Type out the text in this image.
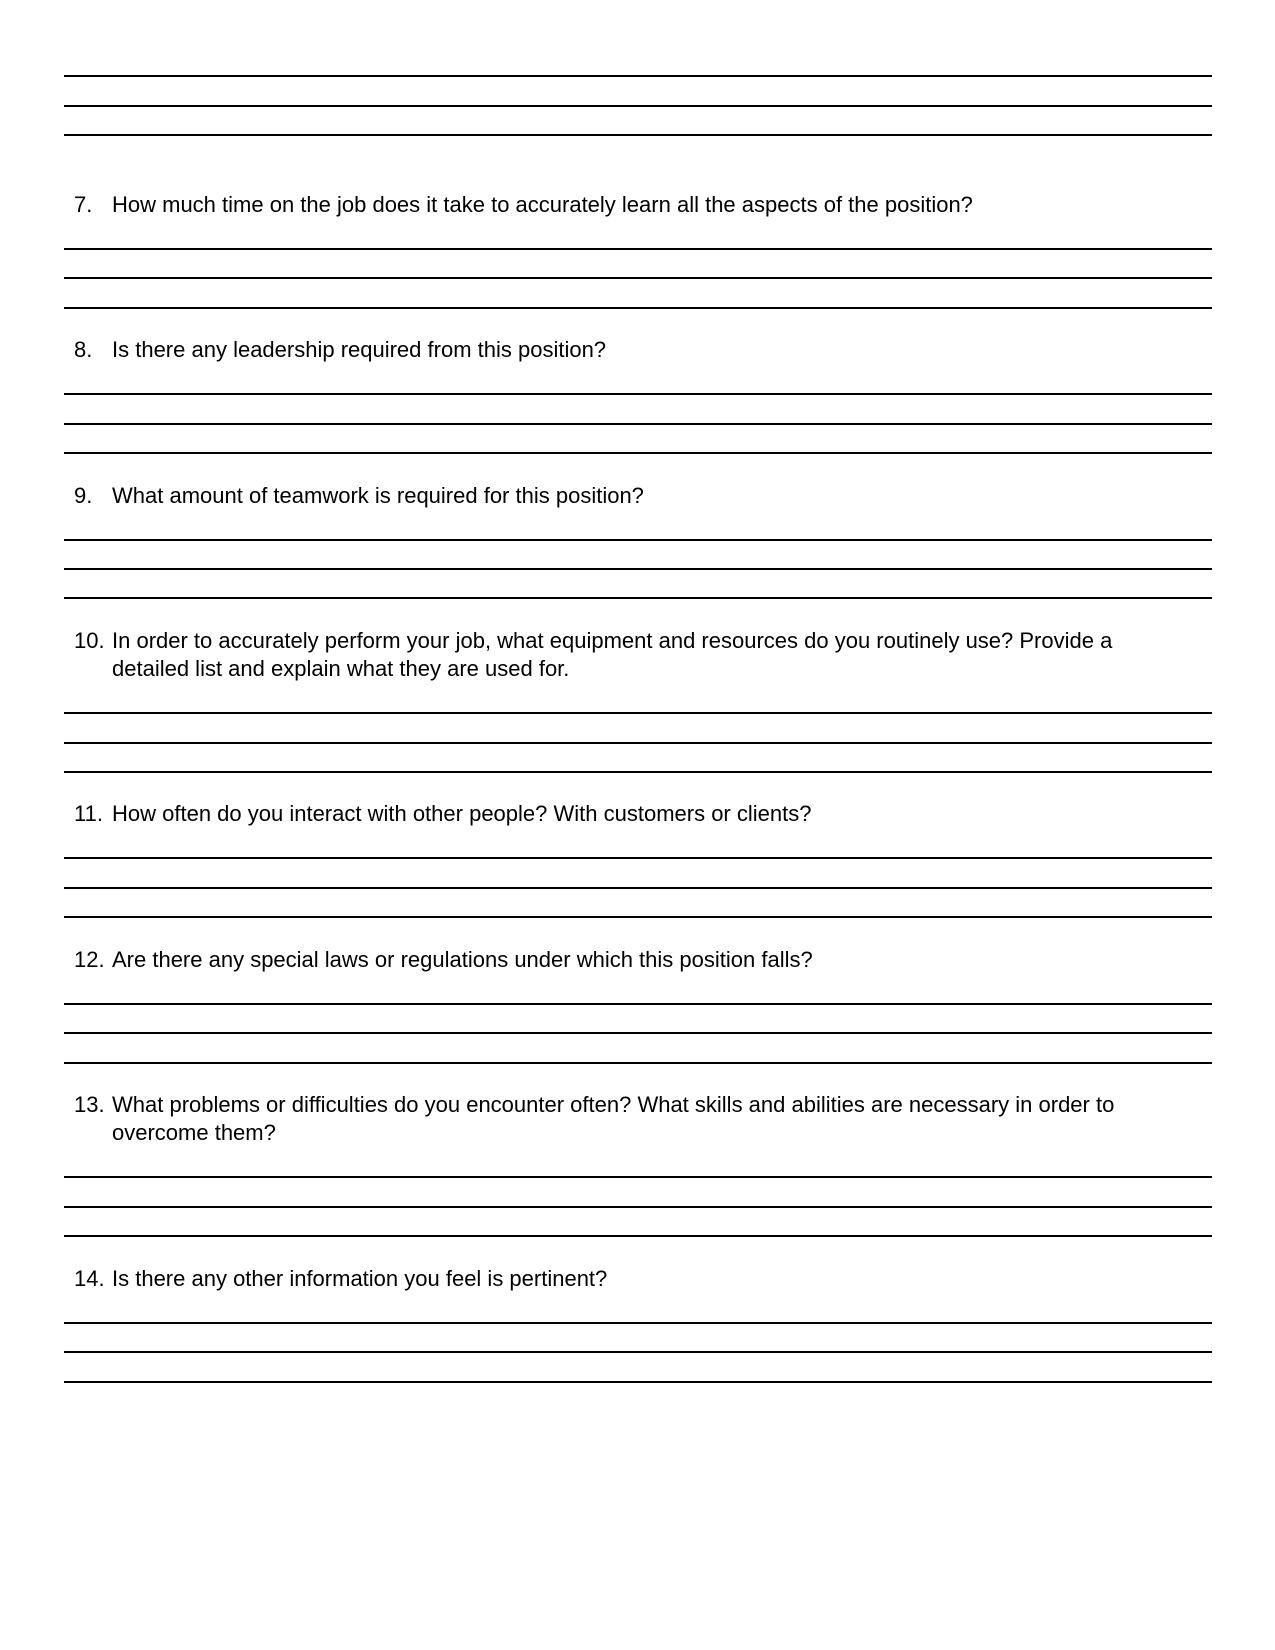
7. How much time on the job does it take to accurately learn all the aspects of the position?

8. Is there any leadership required from this position?

9. What amount of teamwork is required for this position?

10. In order to accurately perform your job, what equipment and resources do you routinely use? Provide a detailed list and explain what they are used for.

11. How often do you interact with other people? With customers or clients?

12. Are there any special laws or regulations under which this position falls?

13. What problems or difficulties do you encounter often? What skills and abilities are necessary in order to overcome them?

14. Is there any other information you feel is pertinent?
